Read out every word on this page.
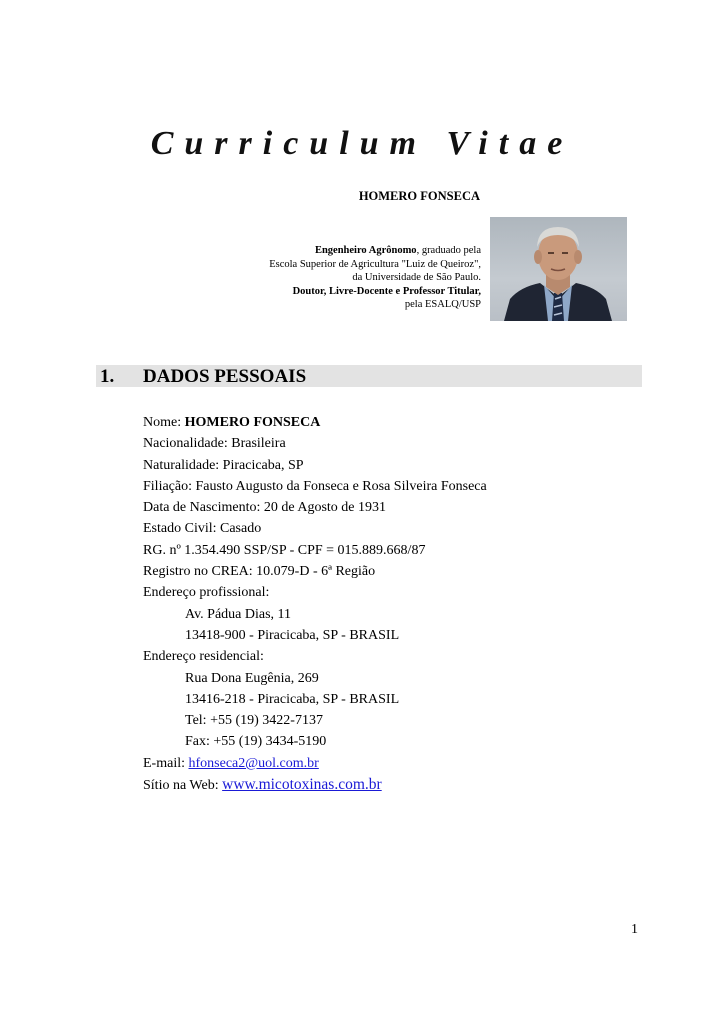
Curriculum Vitae
HOMERO FONSECA
Engenheiro Agrônomo, graduado pela
Escola Superior de Agricultura "Luiz de Queiroz",
da Universidade de São Paulo.
Doutor, Livre-Docente e Professor Titular,
pela ESALQ/USP
1. DADOS PESSOAIS
Nome: HOMERO FONSECA
Nacionalidade: Brasileira
Naturalidade: Piracicaba, SP
Filiação: Fausto Augusto da Fonseca e Rosa Silveira Fonseca
Data de Nascimento: 20 de Agosto de 1931
Estado Civil: Casado
RG. nº 1.354.490 SSP/SP - CPF = 015.889.668/87
Registro no CREA: 10.079-D - 6ª Região
Endereço profissional:
Av. Pádua Dias, 11
13418-900 - Piracicaba, SP - BRASIL
Endereço residencial:
Rua Dona Eugênia, 269
13416-218 - Piracicaba, SP - BRASIL
Tel: +55 (19) 3422-7137
Fax: +55 (19) 3434-5190
E-mail: hfonseca2@uol.com.br
Sítio na Web: www.micotoxinas.com.br
1
